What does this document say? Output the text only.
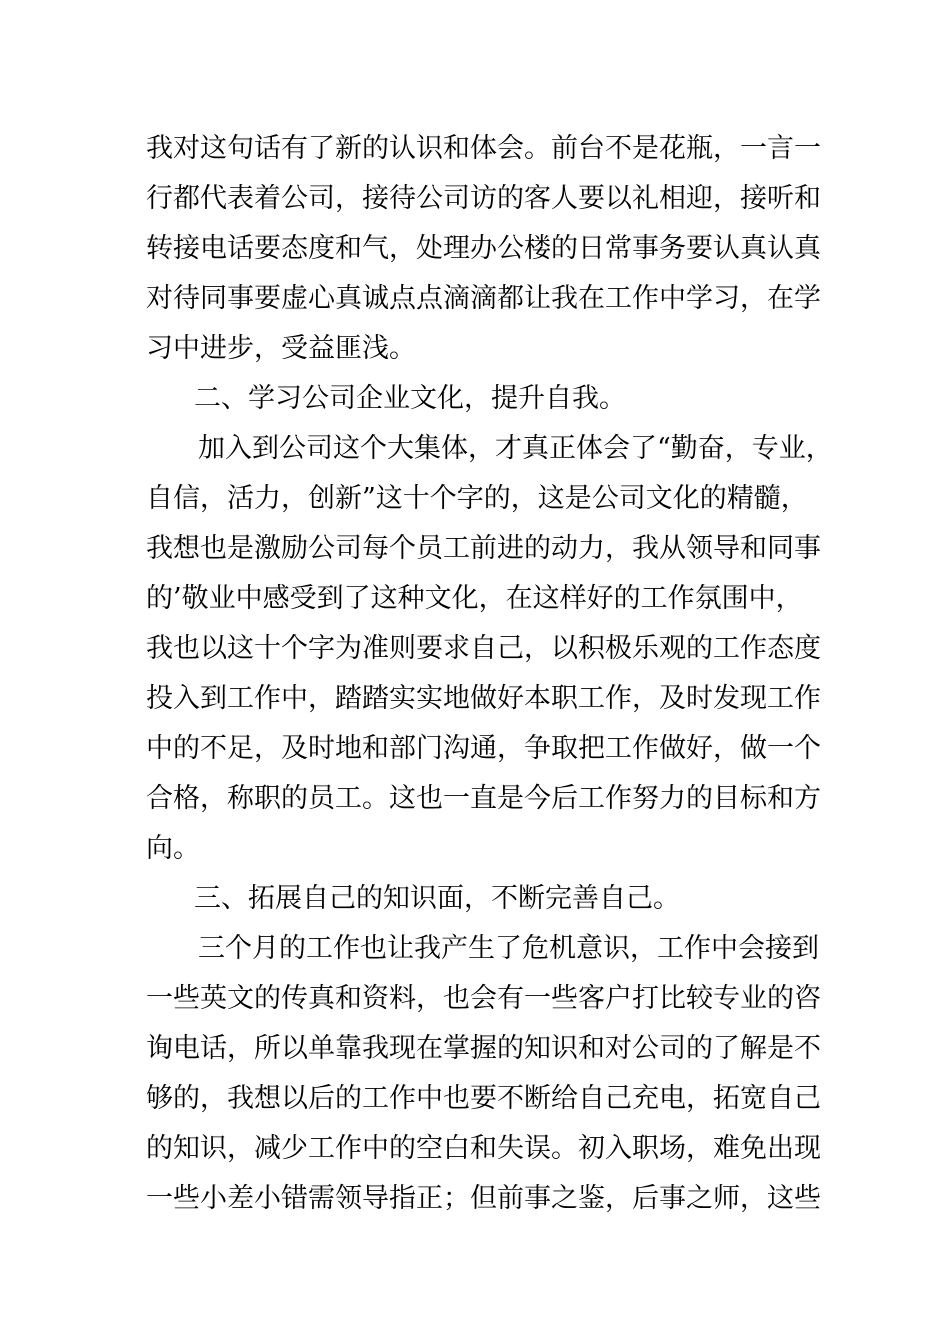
我对这句话有了新的认识和体会。前台不是花瓶，一言一
行都代表着公司，接待公司访的客人要以礼相迎，接听和
转接电话要态度和气，处理办公楼的日常事务要认真认真
对待同事要虚心真诚点点滴滴都让我在工作中学习，在学
习中进步，受益匪浅。
二、学习公司企业文化，提升自我。
加入到公司这个大集体，才真正体会了“勤奋，专业，
自信，活力，创新”这十个字的，这是公司文化的精髓，
我想也是激励公司每个员工前进的动力，我从领导和同事
的’敬业中感受到了这种文化，在这样好的工作氛围中，
我也以这十个字为准则要求自己，以积极乐观的工作态度
投入到工作中，踏踏实实地做好本职工作，及时发现工作
中的不足，及时地和部门沟通，争取把工作做好，做一个
合格，称职的员工。这也一直是今后工作努力的目标和方
向。
三、拓展自己的知识面，不断完善自己。
三个月的工作也让我产生了危机意识，工作中会接到
一些英文的传真和资料，也会有一些客户打比较专业的咨
询电话，所以单靠我现在掌握的知识和对公司的了解是不
够的，我想以后的工作中也要不断给自己充电，拓宽自己
的知识，减少工作中的空白和失误。初入职场，难免出现
一些小差小错需领导指正；但前事之鉴，后事之师，这些
